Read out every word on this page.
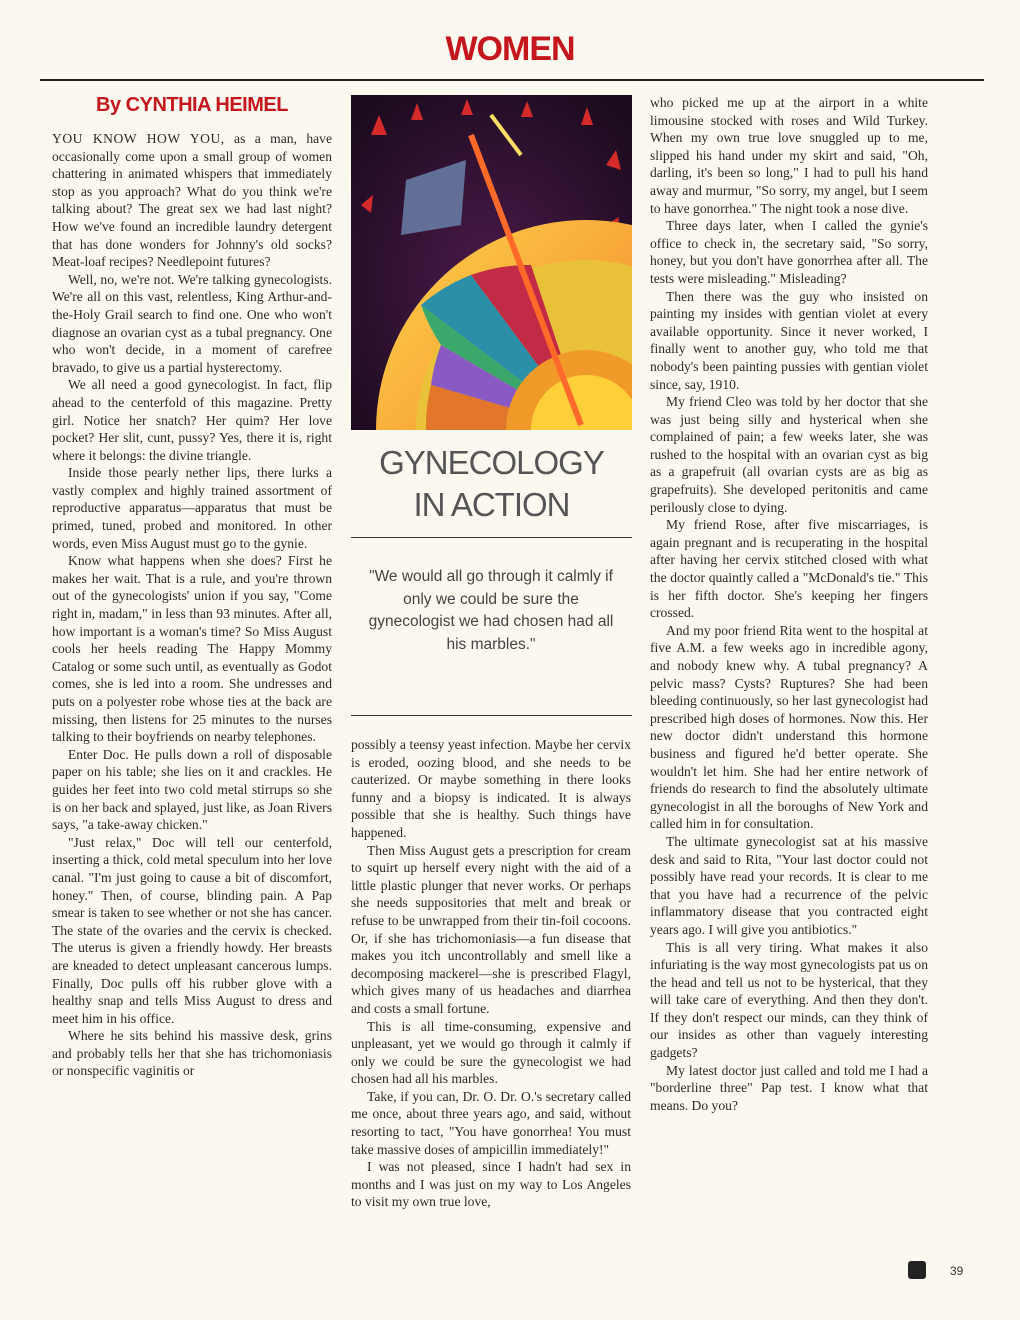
WOMEN
By CYNTHIA HEIMEL

YOU KNOW HOW YOU, as a man, have occasionally come upon a small group of women chattering in animated whispers that immediately stop as you approach? What do you think we're talking about? The great sex we had last night? How we've found an incredible laundry detergent that has done wonders for Johnny's old socks? Meat-loaf recipes? Needlepoint futures?

Well, no, we're not. We're talking gynecologists. We're all on this vast, relentless, King Arthur-and-the-Holy Grail search to find one. One who won't diagnose an ovarian cyst as a tubal pregnancy. One who won't decide, in a moment of carefree bravado, to give us a partial hysterectomy.

We all need a good gynecologist. In fact, flip ahead to the centerfold of this magazine. Pretty girl. Notice her snatch? Her quim? Her love pocket? Her slit, cunt, pussy? Yes, there it is, right where it belongs: the divine triangle.

Inside those pearly nether lips, there lurks a vastly complex and highly trained assortment of reproductive apparatus—apparatus that must be primed, tuned, probed and monitored. In other words, even Miss August must go to the gynie.

Know what happens when she does? First he makes her wait. That is a rule, and you're thrown out of the gynecologists' union if you say, "Come right in, madam," in less than 93 minutes. After all, how important is a woman's time? So Miss August cools her heels reading The Happy Mommy Catalog or some such until, as eventually as Godot comes, she is led into a room. She undresses and puts on a polyester robe whose ties at the back are missing, then listens for 25 minutes to the nurses talking to their boyfriends on nearby telephones.

Enter Doc. He pulls down a roll of disposable paper on his table; she lies on it and crackles. He guides her feet into two cold metal stirrups so she is on her back and splayed, just like, as Joan Rivers says, "a take-away chicken."

"Just relax," Doc will tell our centerfold, inserting a thick, cold metal speculum into her love canal. "I'm just going to cause a bit of discomfort, honey." Then, of course, blinding pain. A Pap smear is taken to see whether or not she has cancer. The state of the ovaries and the cervix is checked. The uterus is given a friendly howdy. Her breasts are kneaded to detect unpleasant cancerous lumps. Finally, Doc pulls off his rubber glove with a healthy snap and tells Miss August to dress and meet him in his office.

Where he sits behind his massive desk, grins and probably tells her that she has trichomoniasis or nonspecific vaginitis or

GYNECOLOGY
IN ACTION
"We would all go through it calmly if only we could be sure the gynecologist we had chosen had all his marbles."

possibly a teensy yeast infection. Maybe her cervix is eroded, oozing blood, and she needs to be cauterized. Or maybe something in there looks funny and a biopsy is indicated. It is always possible that she is healthy. Such things have happened.

Then Miss August gets a prescription for cream to squirt up herself every night with the aid of a little plastic plunger that never works. Or perhaps she needs suppositories that melt and break or refuse to be unwrapped from their tin-foil cocoons. Or, if she has trichomoniasis—a fun disease that makes you itch uncontrollably and smell like a decomposing mackerel—she is prescribed Flagyl, which gives many of us headaches and diarrhea and costs a small fortune.

This is all time-consuming, expensive and unpleasant, yet we would go through it calmly if only we could be sure the gynecologist we had chosen had all his marbles.

Take, if you can, Dr. O. Dr. O.'s secretary called me once, about three years ago, and said, without resorting to tact, "You have gonorrhea! You must take massive doses of ampicillin immediately!"

I was not pleased, since I hadn't had sex in months and I was just on my way to Los Angeles to visit my own true love,

who picked me up at the airport in a white limousine stocked with roses and Wild Turkey. When my own true love snuggled up to me, slipped his hand under my skirt and said, "Oh, darling, it's been so long," I had to pull his hand away and murmur, "So sorry, my angel, but I seem to have gonorrhea." The night took a nose dive.

Three days later, when I called the gynie's office to check in, the secretary said, "So sorry, honey, but you don't have gonorrhea after all. The tests were misleading." Misleading?

Then there was the guy who insisted on painting my insides with gentian violet at every available opportunity. Since it never worked, I finally went to another guy, who told me that nobody's been painting pussies with gentian violet since, say, 1910.

My friend Cleo was told by her doctor that she was just being silly and hysterical when she complained of pain; a few weeks later, she was rushed to the hospital with an ovarian cyst as big as a grapefruit (all ovarian cysts are as big as grapefruits). She developed peritonitis and came perilously close to dying.

My friend Rose, after five miscarriages, is again pregnant and is recuperating in the hospital after having her cervix stitched closed with what the doctor quaintly called a "McDonald's tie." This is her fifth doctor. She's keeping her fingers crossed.

And my poor friend Rita went to the hospital at five A.M. a few weeks ago in incredible agony, and nobody knew why. A tubal pregnancy? A pelvic mass? Cysts? Ruptures? She had been bleeding continuously, so her last gynecologist had prescribed high doses of hormones. Now this. Her new doctor didn't understand this hormone business and figured he'd better operate. She wouldn't let him. She had her entire network of friends do research to find the absolutely ultimate gynecologist in all the boroughs of New York and called him in for consultation.

The ultimate gynecologist sat at his massive desk and said to Rita, "Your last doctor could not possibly have read your records. It is clear to me that you have had a recurrence of the pelvic inflammatory disease that you contracted eight years ago. I will give you antibiotics."

This is all very tiring. What makes it also infuriating is the way most gynecologists pat us on the head and tell us not to be hysterical, that they will take care of everything. And then they don't. If they don't respect our minds, can they think of our insides as other than vaguely interesting gadgets?

My latest doctor just called and told me I had a "borderline three" Pap test. I know what that means. Do you?

39
